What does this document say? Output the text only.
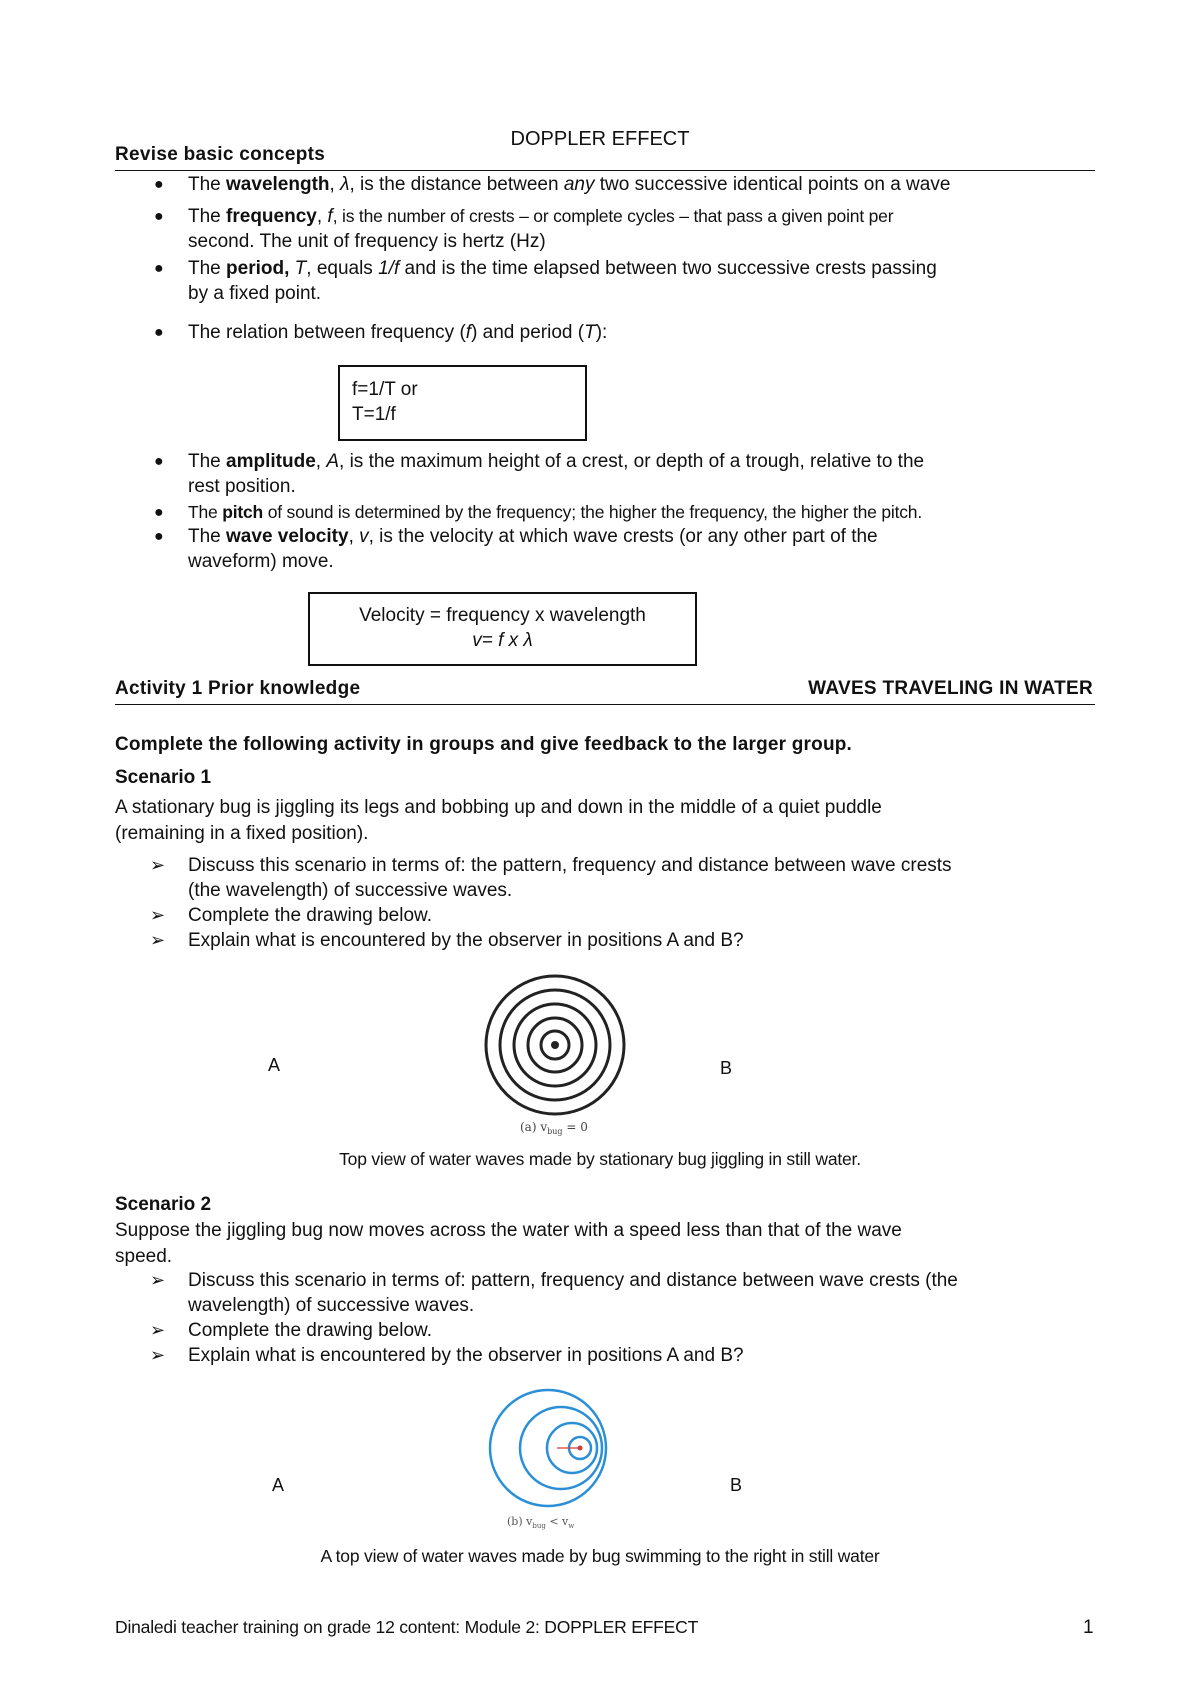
DOPPLER EFFECT
Revise basic concepts
● The wavelength, λ, is the distance between any two successive identical points on a wave
● The frequency, f, is the number of crests – or complete cycles – that pass a given point per
second. The unit of frequency is hertz (Hz)
● The period, T, equals 1/f and is the time elapsed between two successive crests passing
by a fixed point.
● The relation between frequency (f) and period (T):
f=1/T or
T=1/f
● The amplitude, A, is the maximum height of a crest, or depth of a trough, relative to the
rest position.
● The pitch of sound is determined by the frequency; the higher the frequency, the higher the pitch.
● The wave velocity, v, is the velocity at which wave crests (or any other part of the
waveform) move.
Velocity = frequency x wavelength
v= f x λ
Activity 1 Prior knowledge	WAVES TRAVELING IN WATER
Complete the following activity in groups and give feedback to the larger group.
Scenario 1
A stationary bug is jiggling its legs and bobbing up and down in the middle of a quiet puddle
(remaining in a fixed position).
➢ Discuss this scenario in terms of: the pattern, frequency and distance between wave crests
(the wavelength) of successive waves.
➢ Complete the drawing below.
➢ Explain what is encountered by the observer in positions A and B?
(a) $v_{bug} = 0$
A	B
Top view of water waves made by stationary bug jiggling in still water.
Scenario 2
Suppose the jiggling bug now moves across the water with a speed less than that of the wave
speed.
➢ Discuss this scenario in terms of: pattern, frequency and distance between wave crests (the
wavelength) of successive waves.
➢ Complete the drawing below.
➢ Explain what is encountered by the observer in positions A and B?
(b) $v_{bug} < v_w$
A	B
A top view of water waves made by bug swimming to the right in still water
Dinaledi teacher training on grade 12 content: Module 2: DOPPLER EFFECT	1
